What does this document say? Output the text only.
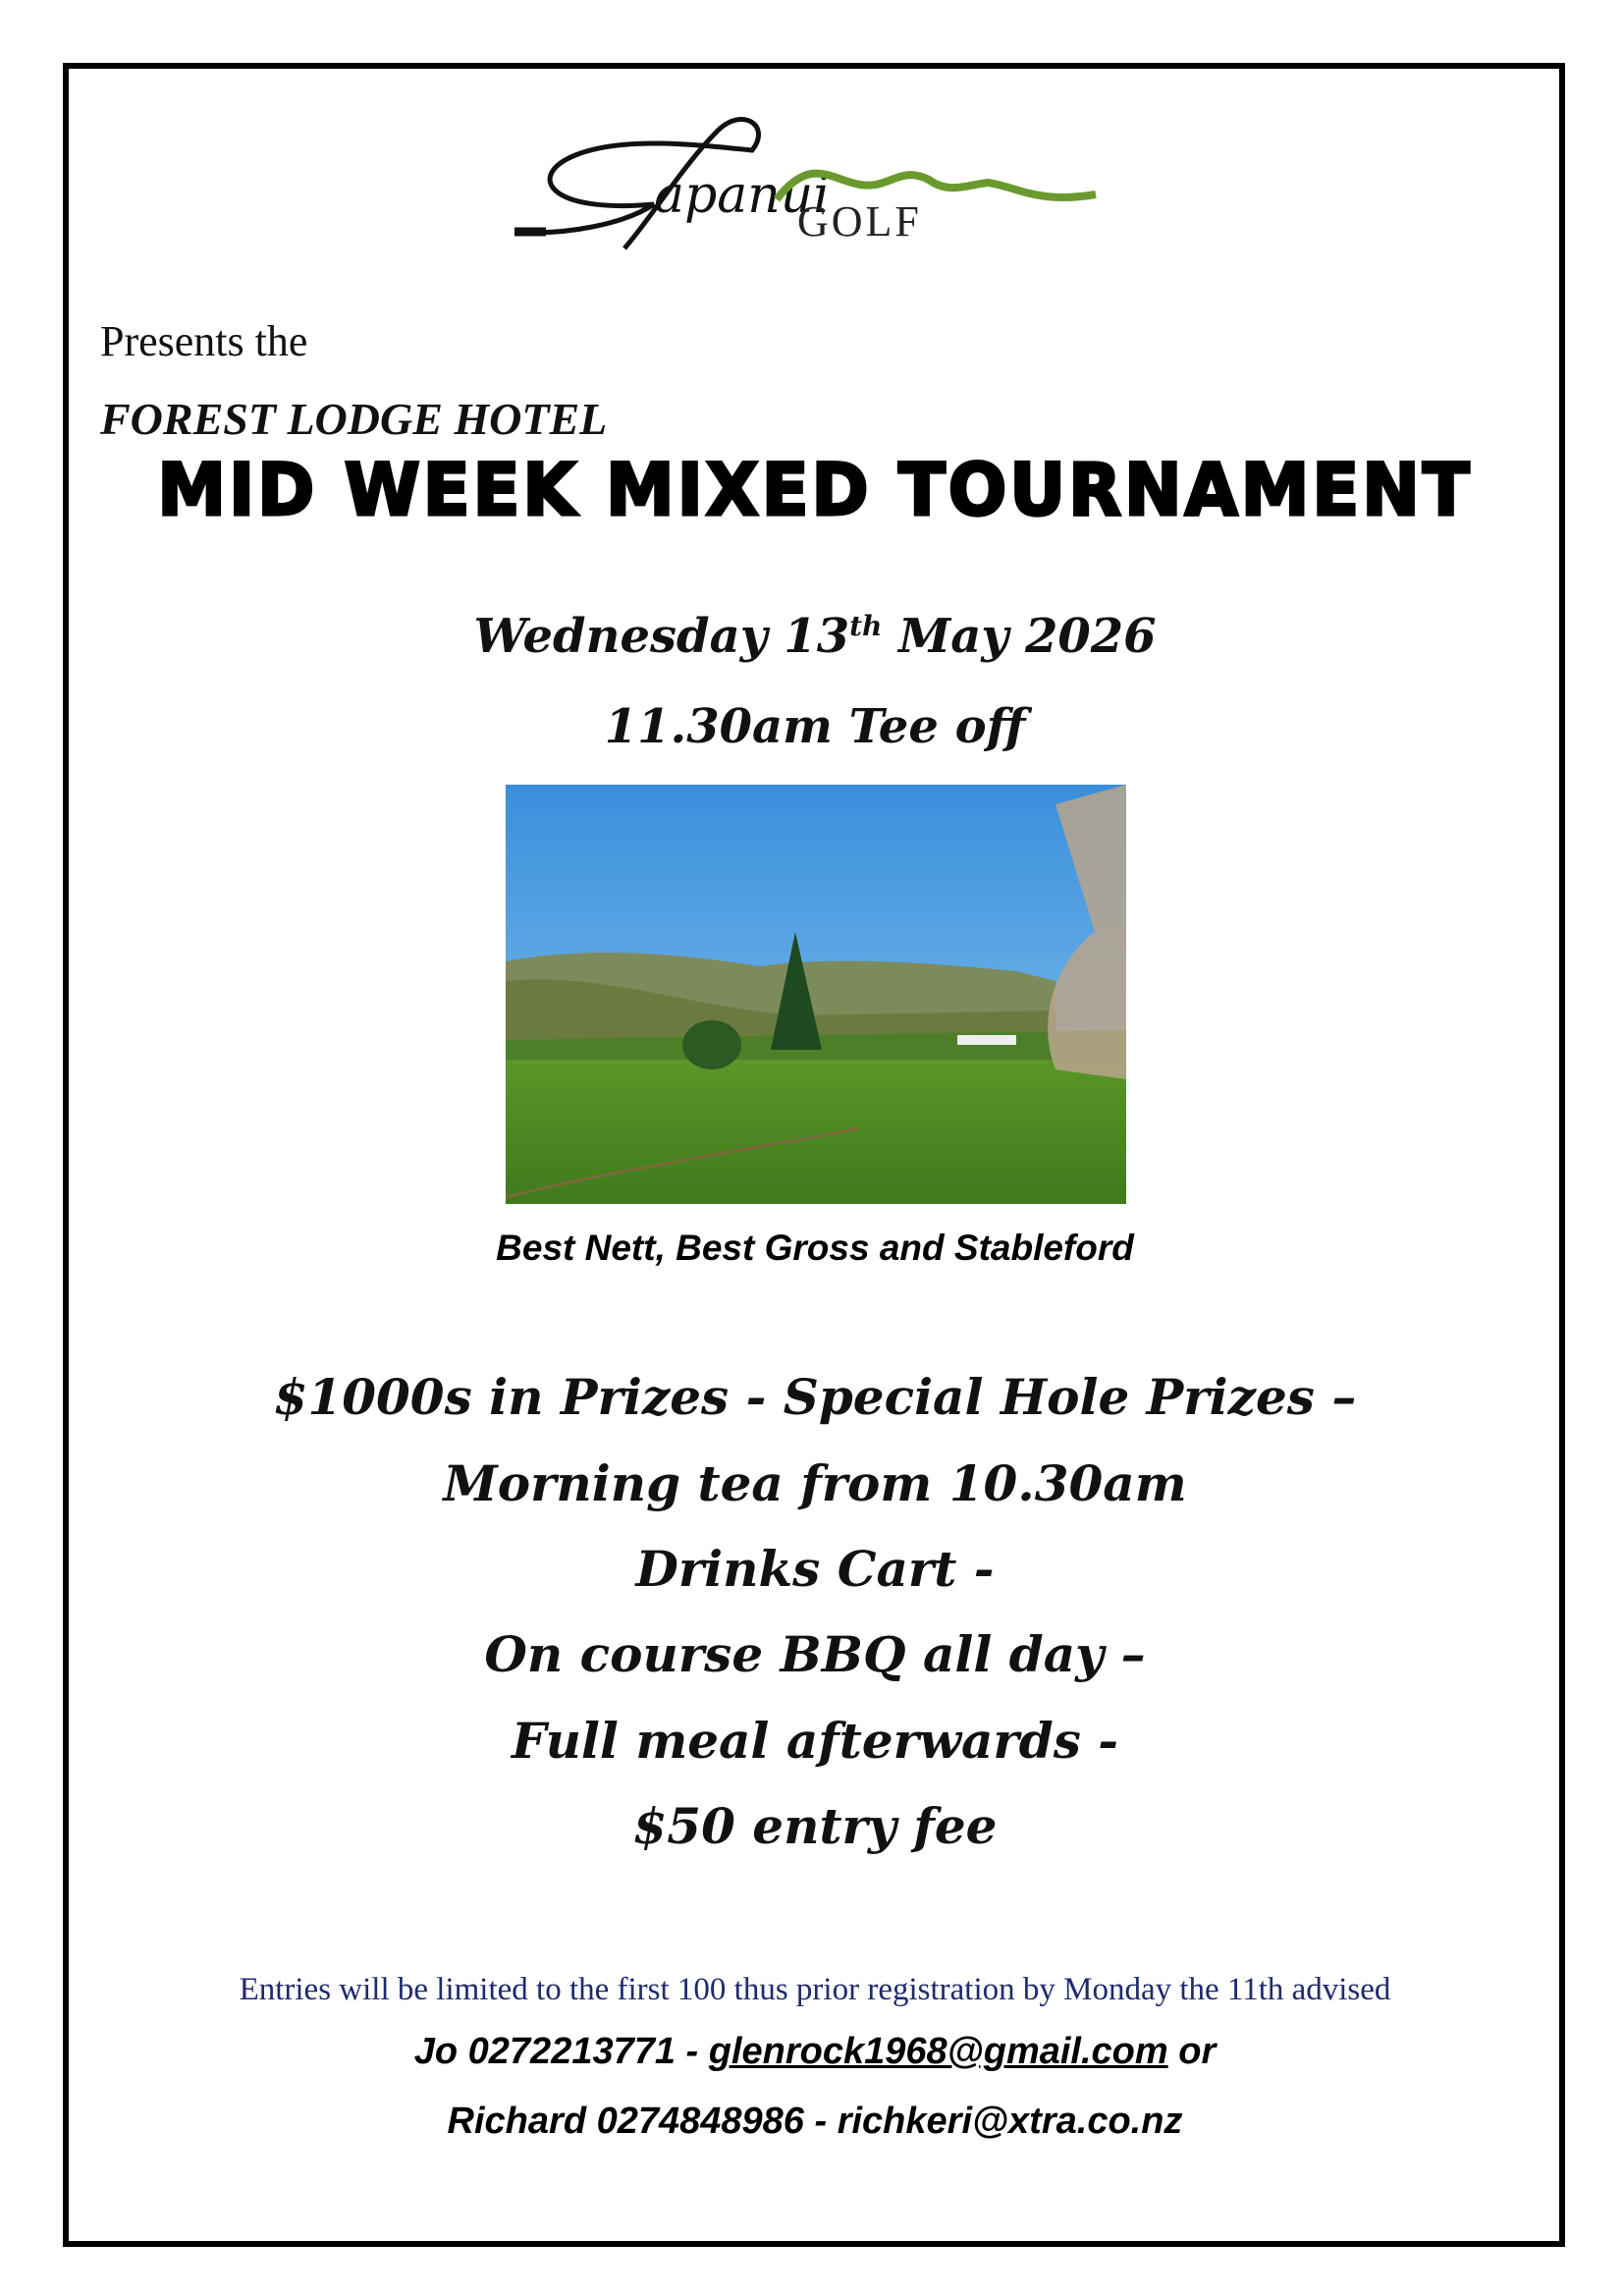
apanui
GOLF
Presents the
FOREST LODGE HOTEL
MID WEEK MIXED TOURNAMENT
Wednesday 13th May 2026
11.30am Tee off
Best Nett, Best Gross and Stableford
$1000s in Prizes - Special Hole Prizes –
Morning tea from 10.30am
Drinks Cart -
On course BBQ all day –
Full meal afterwards -
$50 entry fee
Entries will be limited to the first 100 thus prior registration by Monday the 11th advised
Jo 0272213771 - glenrock1968@gmail.com or
Richard 0274848986 - richkeri@xtra.co.nz
